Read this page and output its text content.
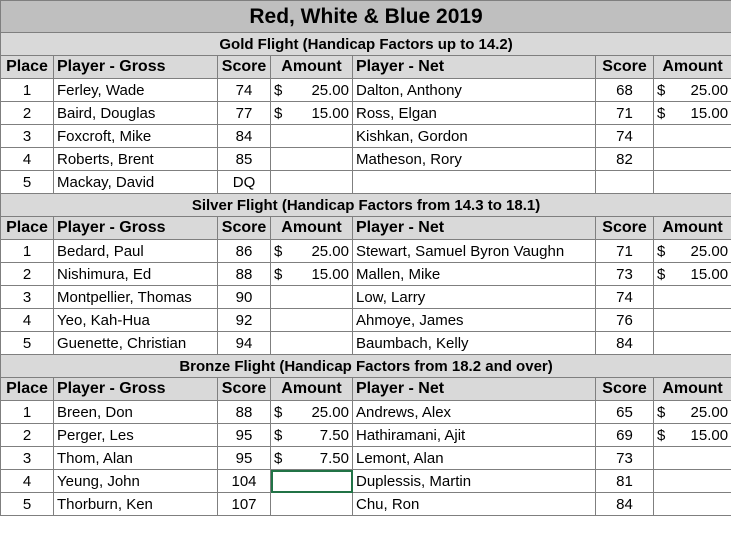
Red, White & Blue 2019						
Gold Flight (Handicap Factors up to 14.2)						
Place	Player - Gross	Score	Amount	Player - Net	Score	Amount
1	Ferley, Wade	74	$ 25.00	Dalton, Anthony	68	$ 25.00

2	Baird, Douglas	77	$ 15.00	Ross, Elgan	71	$ 15.00

3	Foxcroft, Mike	84		Kishkan, Gordon	74	
4	Roberts, Brent	85		Matheson, Rory	82	
5	Mackay, David	DQ				
Silver Flight (Handicap Factors from 14.3 to 18.1)						
Place	Player - Gross	Score	Amount	Player - Net	Score	Amount
1	Bedard, Paul	86	$ 25.00	Stewart, Samuel Byron Vaughn	71	$ 25.00

2	Nishimura, Ed	88	$ 15.00	Mallen, Mike	73	$ 15.00

3	Montpellier, Thomas	90		Low, Larry	74	
4	Yeo, Kah-Hua	92		Ahmoye, James	76	
5	Guenette, Christian	94		Baumbach, Kelly	84	
Bronze Flight (Handicap Factors from 18.2 and over)						
Place	Player - Gross	Score	Amount	Player - Net	Score	Amount
1	Breen, Don	88	$ 25.00	Andrews, Alex	65	$ 25.00

2	Perger, Les	95	$ 7.50	Hathiramani, Ajit	69	$ 15.00

3	Thom, Alan	95	$ 7.50	Lemont, Alan	73	
4	Yeung, John	104		Duplessis, Martin	81	
5	Thorburn, Ken	107		Chu, Ron	84	
